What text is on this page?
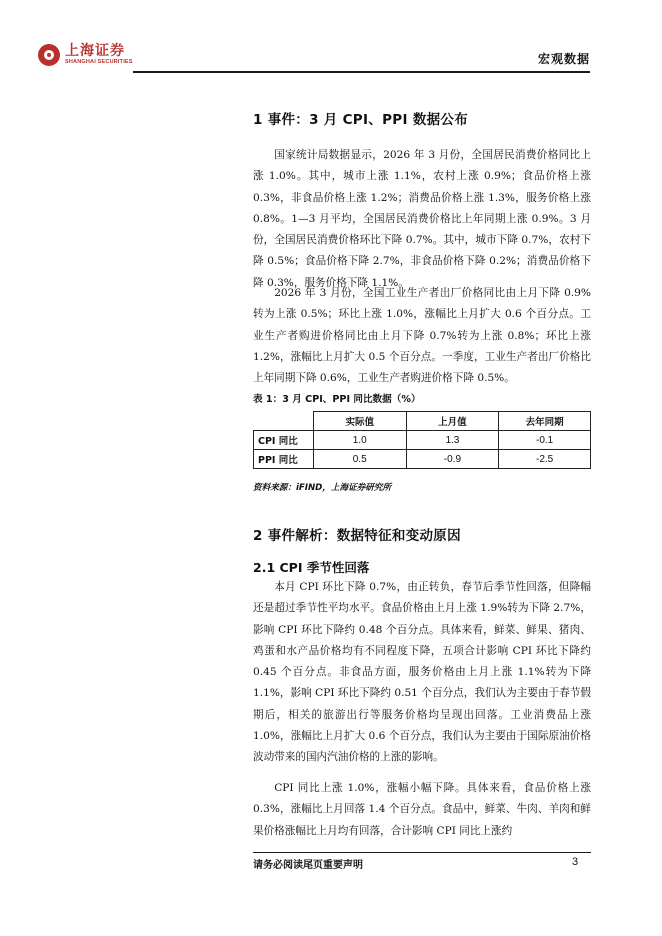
上海证券
SHANGHAI SECURITIES	宏观数据
1 事件：3 月 CPI、PPI 数据公布

国家统计局数据显示，2026 年 3 月份，全国居民消费价格同比上涨 1.0%。其中，城市上涨 1.1%，农村上涨 0.9%；食品价格上涨 0.3%，非食品价格上涨 1.2%；消费品价格上涨 1.3%，服务价格上涨 0.8%。1—3 月平均，全国居民消费价格比上年同期上涨 0.9%。3 月份，全国居民消费价格环比下降 0.7%。其中，城市下降 0.7%，农村下降 0.5%；食品价格下降 2.7%，非食品价格下降 0.2%；消费品价格下降 0.3%，服务价格下降 1.1%。

2026 年 3 月份，全国工业生产者出厂价格同比由上月下降 0.9%转为上涨 0.5%；环比上涨 1.0%，涨幅比上月扩大 0.6 个百分点。工业生产者购进价格同比由上月下降 0.7%转为上涨 0.8%；环比上涨 1.2%，涨幅比上月扩大 0.5 个百分点。一季度，工业生产者出厂价格比上年同期下降 0.6%，工业生产者购进价格下降 0.5%。

表 1：3 月 CPI、PPI 同比数据（%）
	实际值	上月值	去年同期
CPI 同比	1.0	1.3	-0.1
PPI 同比	0.5	-0.9	-2.5
资料来源：iFIND，上海证券研究所
2 事件解析：数据特征和变动原因
2.1 CPI 季节性回落

本月 CPI 环比下降 0.7%，由正转负，春节后季节性回落，但降幅还是超过季节性平均水平。食品价格由上月上涨 1.9%转为下降 2.7%，影响 CPI 环比下降约 0.48 个百分点。具体来看，鲜菜、鲜果、猪肉、鸡蛋和水产品价格均有不同程度下降，五项合计影响 CPI 环比下降约 0.45 个百分点。非食品方面，服务价格由上月上涨 1.1%转为下降 1.1%，影响 CPI 环比下降约 0.51 个百分点，我们认为主要由于春节假期后，相关的旅游出行等服务价格均呈现出回落。工业消费品上涨 1.0%，涨幅比上月扩大 0.6 个百分点，我们认为主要由于国际原油价格波动带来的国内汽油价格的上涨的影响。

CPI 同比上涨 1.0%，涨幅小幅下降。具体来看，食品价格上涨 0.3%，涨幅比上月回落 1.4 个百分点。食品中，鲜菜、牛肉、羊肉和鲜果价格涨幅比上月均有回落，合计影响 CPI 同比上涨约

请务必阅读尾页重要声明	3
